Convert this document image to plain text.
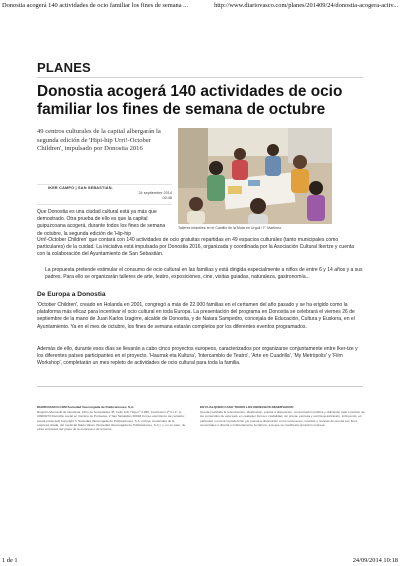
Donostia acogerá 140 actividades de ocio familiar los fines de semana ...	http://www.diariovasco.com/planes/201409/24/donostia-acogera-activ...
PLANES
Donostia acogerá 140 actividades de ocio familiar los fines de semana de octubre

49 centros culturales de la capital albergarán la segunda edición de 'Hipi-hip Urri!-October Children', impulsado por Donostia 2016

IKER CAMPO | SAN SEBASTIÁN.
24 septiembre 2014
00:48
Talleres infantiles en el Castillo de la Mota en Urgull / F. Martínez.

Que Donostia es una ciudad cultural está ya más que demostrado. Otra prueba de ello es que la capital guipuzcoana acogerá, durante todos los fines de semana de octubre, la segunda edición de 'Hip-hip

Urri!-October Children' que contará con 140 actividades de ocio gratuitas repartidas en 49 espacios culturales (tanto municipales como particulares) de la cuidad. La iniciativa está impulsada por Donostia 2016, organizada y coordinada por la Asociación Cultural Ikertze y cuenta con la colaboración del Ayuntamiento de San Sebastián.

La propuesta pretende estimular el consumo de ocio cultural en las familias y está dirigida especialmente a niños de entre 6 y 14 años y a sus padres. Para ello se organizarán talleres de arte, teatro, exposiciones, cine, visitas guiadas, naturaleza, gastronomía...

De Europa a Donostia

'October Children', creado en Holanda en 2001, congregó a más de 22.000 familias en el certamen del año pasado y se ha erigido como la plataforma más eficaz para incentivar el ocio cultural en toda Europa. La presentación del programa en Donostia se celebrará el viernes 26 de septiembre de la mano de Juan Karlos Izagirre, alcalde de Donostia, y de Naiara Sampedro, concejala de Educación, Cultura y Euskera, en el Ayuntamiento. Ya en el mes de octubre, los fines de semana estarán completos por los diferentes eventos programados.

Además de ello, durante esos días se llevarán a cabo cinco proyectos europeos, caracterizados por organizarse conjuntamente entre Iker-tze y los diferentes países participantes en el proyecto. 'Haurrak eta Kultura', 'Intercambio de Teatro', 'Arte en Cuadrilla', 'My Metròpolis' y 'Film Workshop', completarán un mes repleto de actividades de ocio cultural para toda la familia.

DIARIOVASCO.COM Sociedad Vascongada de Publicaciones, S.A.
Registro Mercantil de Gipuzkoa, Libro de Sociedades 45, Folio 118, Hoja nº 2.995, Inscripción 1ª C.I.F.: A-20004073 Domicilio social en Camino de Portuetxe, 2 San Sebastián 20018 Correo electrónico de contacto: [email protected] Copyright © Sociedad Vascongada de Publicaciones, S.A. incluye contenidos de la empresa citada, del medio El Diario Vasco (Sociedad Vascongada de Publicaciones, S.A.), y, en su caso, de otras empresas del grupo de la empresa o de terceros.
EN CUALQUIER CASO TODOS LOS DERECHOS RESERVADOS:
Queda prohibida la reproducción, distribución, puesta a disposición, comunicación pública y utilización total o parcial, de los contenidos de esta web, en cualquier forma o modalidad, sin previa, expresa y escrita autorización, incluyendo, en particular, su mera reproducción y/o puesta a disposición como resúmenes, reseñas o revistas de prensa con fines comerciales o directa o indirectamente lucrativos, a la que se manifiesta oposición expresa.
1 de 1	24/09/2014 10:18
